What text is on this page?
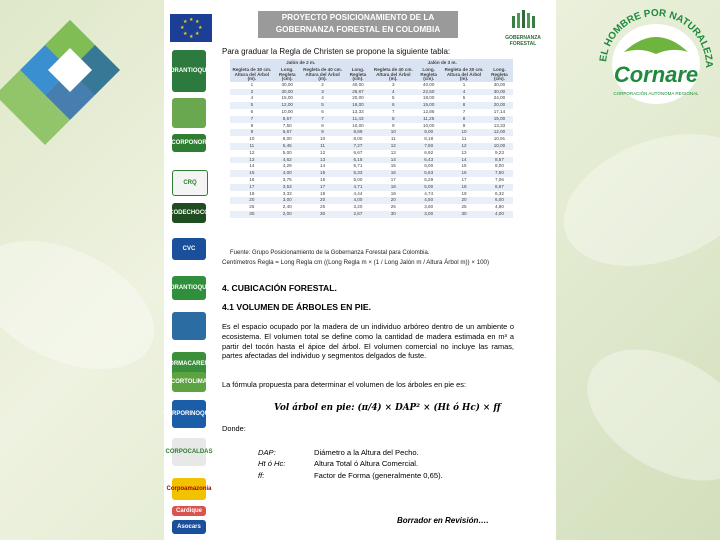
★ ★
★
★
★
★
★
★
CORANTIOQUIA
CORPONOR
CRQ
CODECHOCO
CVC
CORANTIOQUIA
CORMACARENA
CORTOLIMA
CORPORINOQUIA
CORPOCALDAS
Corpoamazonia
Cardique
Asocars
PROYECTO POSICIONAMIENTO DE LA
GOBERNANZA FORESTAL EN COLOMBIA
GOBERNANZA
FORESTAL
Para graduar la Regla de Christen se propone la siguiente tabla:
Jalón de 2 m.				Jalón de 3 m.			
Regleta de 30 cm. Altura del Árbol (m).	Long. Regleta (cm).	Regleta de 40 cm. Altura del Árbol (m).	Long. Regleta (cm).	Regleta de 40 cm. Altura del Árbol (m).	Long. Regleta (cm).	Regleta de 30 cm. Altura del Árbol (m).	Long. Regleta (cm).
1	30,00	2	40,00	3	40,00	1	30,00
2	30,00	3	26,67	4	22,50	4	30,00
4	15,00	4	20,00	5	18,00	5	24,00
5	12,00	5	16,00	6	15,00	6	20,00
6	10,00	6	13,33	7	12,86	7	17,14
7	8,57	7	11,43	8	11,25	8	15,00
8	7,50	8	10,00	9	10,00	9	13,33
9	6,67	9	8,89	10	9,00	10	12,00
10	6,00	10	8,00	11	8,18	11	10,91
11	5,45	11	7,27	12	7,50	12	10,00
12	5,00	12	6,67	13	6,92	13	9,23
13	4,62	13	6,15	14	6,43	14	8,57
14	4,29	14	5,71	15	6,00	15	8,00
15	4,00	15	5,33	16	5,63	16	7,50
16	3,75	16	5,00	17	5,29	17	7,06
17	3,53	17	4,71	18	5,00	18	6,67
18	3,33	18	4,44	19	4,74	19	6,32
20	3,00	20	4,00	20	4,50	20	6,00
25	2,40	25	3,20	25	3,60	25	4,80
30	2,00	30	2,67	30	3,00	30	4,00
Fuente: Grupo Posicionamiento de la Gobernanza Forestal para Colombia.
Centímetros Regla = Long Regla cm ((Long Regla m × (1 / Long Jalón m / Altura Árbol m)) × 100)
4. CUBICACIÓN FORESTAL.
4.1 VOLUMEN DE ÁRBOLES EN PIE.
Es el espacio ocupado por la madera de un individuo arbóreo dentro de un ambiente o ecosistema. El volumen total se define como la cantidad de madera estimada en m³ a partir del tocón hasta el ápice del árbol. El volumen comercial no incluye las ramas, partes afectadas del individuo y segmentos delgados de fuste.
La fórmula propuesta para determinar el volumen de los árboles en pie es:
Vol árbol en pie: (π/4) × DAP² × (Ht ó Hc) × ff
Donde:
DAP:	Diámetro a la Altura del Pecho.
Ht ó Hc:	Altura Total ó Altura Comercial.
ff:	Factor de Forma (generalmente 0,65).
Borrador en Revisión….
EL HOMBRE POR NATURALEZA
Cornare
CORPORACIÓN AUTÓNOMA REGIONAL
